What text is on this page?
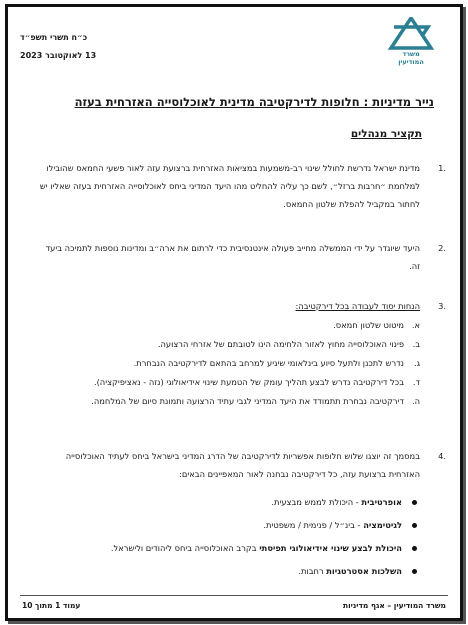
משרד
המודיעין
כ״ח תשרי תשפ״ד
13 לאוקטובר 2023
נייר מדיניות : חלופות לדירקטיבה מדינית לאוכלוסייה האזרחית בעזה
תקציר מנהלים
.1
מדינת ישראל נדרשת לחולל שינוי רב-משמעות במציאות האזרחית ברצועת עזה לאור פשעי החמאס שהובילו למלחמת ״חרבות ברזל״, לשם כך עליה להחליט מהו היעד המדיני ביחס לאוכלוסייה האזרחית בעזה שאליו יש לחתור במקביל להפלת שלטון החמאס.
.2
היעד שיוגדר על ידי הממשלה מחייב פעולה אינטנסיבית כדי לרתום את ארה״ב ומדינות נוספות לתמיכה ביעד זה.
.3
הנחות יסוד לעבודה בכל דירקטיבה:
א.
מיטוט שלטון חמאס.
ב.
פינוי האוכלוסייה מחוץ לאזור הלחימה הינו לטובתם של אזרחי הרצועה.
ג.
נדרש לתכנן ולתעל סיוע בינלאומי שיגיע למרחב בהתאם לדירקטיבה הנבחרת.
ד.
בכל דירקטיבה נדרש לבצע תהליך עומק של הטמעת שינוי אידיאולוגי (נזה - נאציפיקציה).
ה.
דירקטיבה נבחרת תתמודד את היעד המדיני לגבי עתיד הרצועה ותמונת סיום של המלחמה.
.4
במסמך זה יוצגו שלוש חלופות אפשריות לדירקטיבה של הדרג המדיני בישראל ביחס לעתיד האוכלוסייה האזרחית ברצועת עזה, כל דירקטיבה נבחנה לאור המאפיינים הבאים:
אופרטיבית - היכולת לממש מבצעית.
לגיטימציה - בינ״ל / פנימית / משפטית.
היכולת לבצע שינוי אידיאולוגי תפיסתי בקרב האוכלוסייה ביחס ליהודים ולישראל.
השלכות אסטרטגיות רחבות.
משרד המודיעין – אגף מדיניות
עמוד 1 מתוך 10
